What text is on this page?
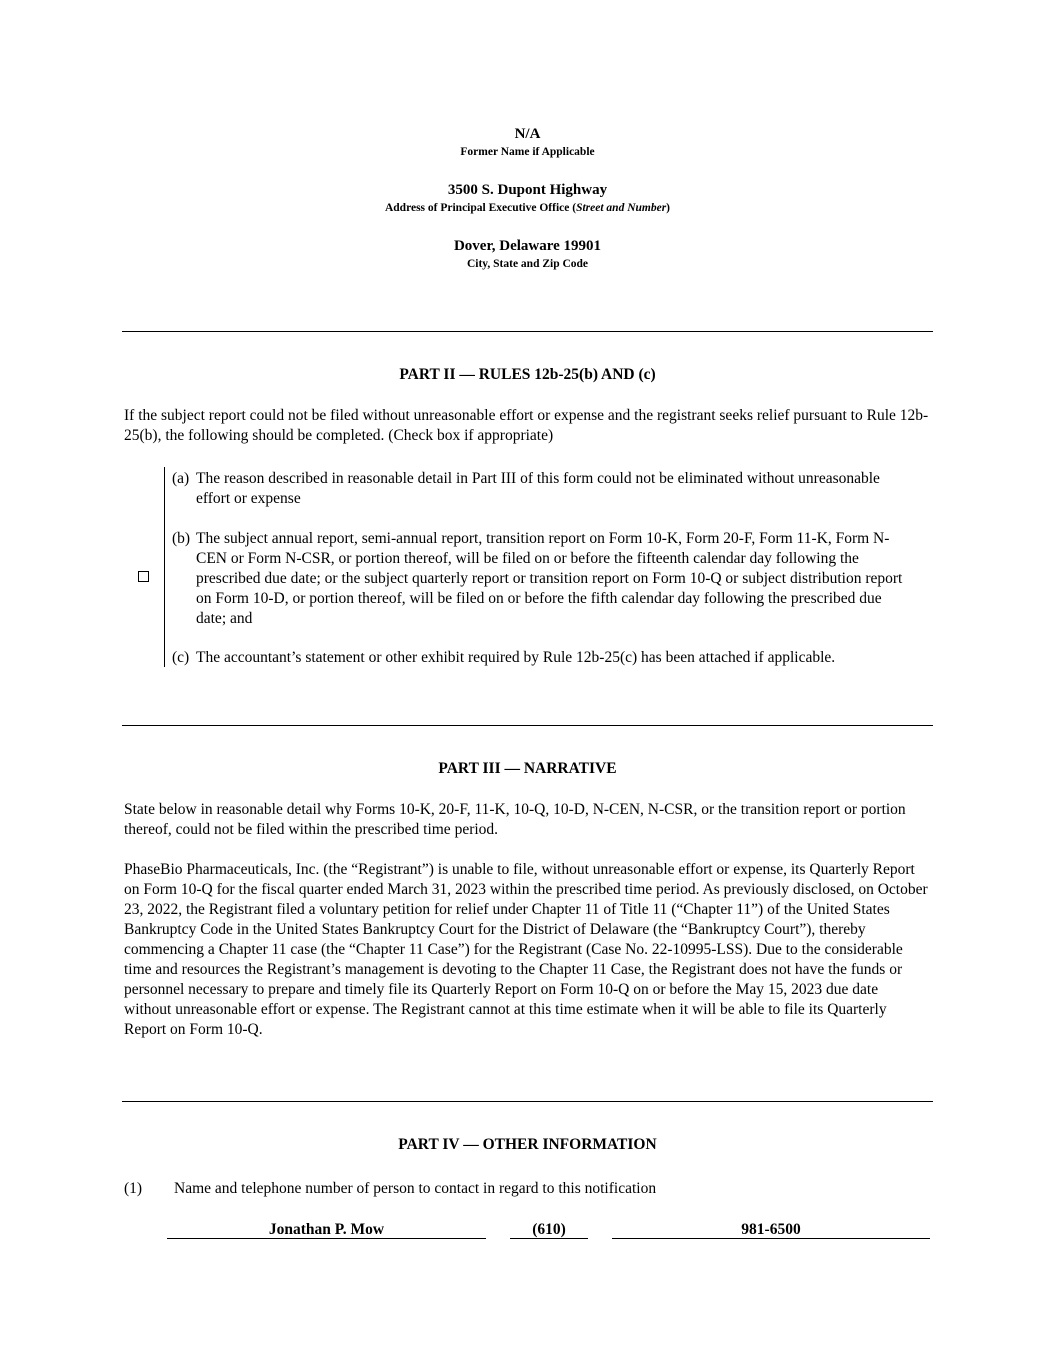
N/A
Former Name if Applicable
3500 S. Dupont Highway
Address of Principal Executive Office (Street and Number)
Dover, Delaware 19901
City, State and Zip Code
PART II — RULES 12b-25(b) AND (c)
If the subject report could not be filed without unreasonable effort or expense and the registrant seeks relief pursuant to Rule 12b-25(b), the following should be completed. (Check box if appropriate)
(a) The reason described in reasonable detail in Part III of this form could not be eliminated without unreasonable effort or expense
(b) The subject annual report, semi-annual report, transition report on Form 10-K, Form 20-F, Form 11-K, Form N-CEN or Form N-CSR, or portion thereof, will be filed on or before the fifteenth calendar day following the prescribed due date; or the subject quarterly report or transition report on Form 10-Q or subject distribution report on Form 10-D, or portion thereof, will be filed on or before the fifth calendar day following the prescribed due date; and
(c) The accountant’s statement or other exhibit required by Rule 12b-25(c) has been attached if applicable.
PART III — NARRATIVE
State below in reasonable detail why Forms 10-K, 20-F, 11-K, 10-Q, 10-D, N-CEN, N-CSR, or the transition report or portion thereof, could not be filed within the prescribed time period.
PhaseBio Pharmaceuticals, Inc. (the “Registrant”) is unable to file, without unreasonable effort or expense, its Quarterly Report on Form 10-Q for the fiscal quarter ended March 31, 2023 within the prescribed time period. As previously disclosed, on October 23, 2022, the Registrant filed a voluntary petition for relief under Chapter 11 of Title 11 (“Chapter 11”) of the United States Bankruptcy Code in the United States Bankruptcy Court for the District of Delaware (the “Bankruptcy Court”), thereby commencing a Chapter 11 case (the “Chapter 11 Case”) for the Registrant (Case No. 22-10995-LSS). Due to the considerable time and resources the Registrant’s management is devoting to the Chapter 11 Case, the Registrant does not have the funds or personnel necessary to prepare and timely file its Quarterly Report on Form 10-Q on or before the May 15, 2023 due date without unreasonable effort or expense. The Registrant cannot at this time estimate when it will be able to file its Quarterly Report on Form 10-Q.
PART IV — OTHER INFORMATION
(1) Name and telephone number of person to contact in regard to this notification
Jonathan P. Mow	(610)	981-6500
